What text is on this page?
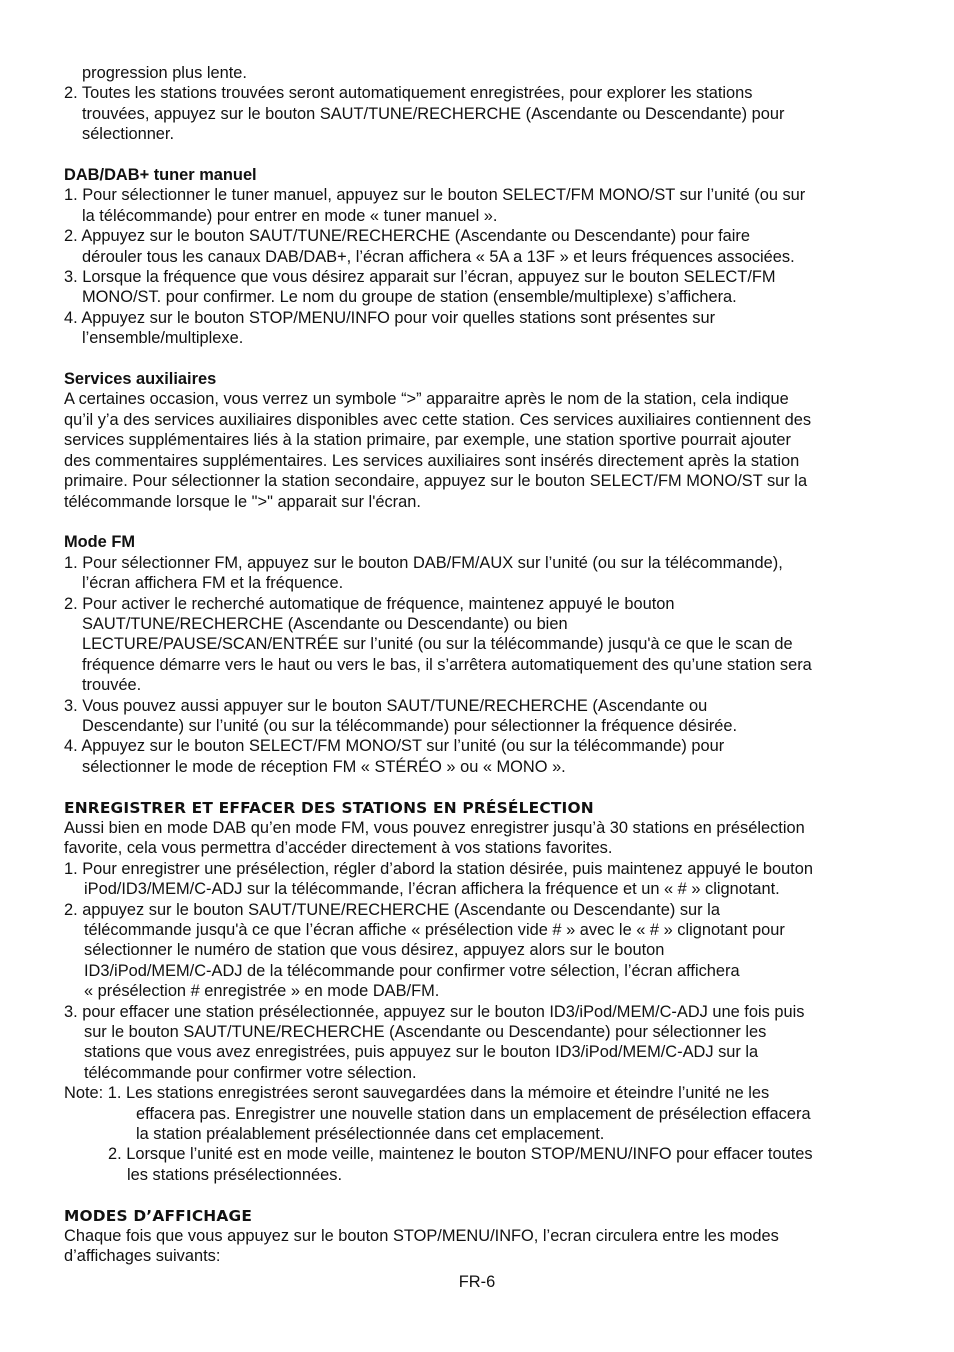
progression plus lente.

2. Toutes les stations trouvées seront automatiquement enregistrées, pour explorer les stations

trouvées, appuyez sur le bouton SAUT/TUNE/RECHERCHE (Ascendante ou Descendante) pour

sélectionner.

DAB/DAB+ tuner manuel

1. Pour sélectionner le tuner manuel, appuyez sur le bouton SELECT/FM MONO/ST sur l’unité (ou sur

la télécommande) pour entrer en mode « tuner manuel ».

2. Appuyez sur le bouton SAUT/TUNE/RECHERCHE (Ascendante ou Descendante) pour faire

dérouler tous les canaux DAB/DAB+, l’écran affichera « 5A a 13F » et leurs fréquences associées.

3. Lorsque la fréquence que vous désirez apparait sur l’écran, appuyez sur le bouton SELECT/FM

MONO/ST. pour confirmer. Le nom du groupe de station (ensemble/multiplexe) s’affichera.

4. Appuyez sur le bouton STOP/MENU/INFO pour voir quelles stations sont présentes sur

l’ensemble/multiplexe.

Services auxiliaires

A certaines occasion, vous verrez un symbole “>” apparaitre après le nom de la station, cela indique

qu’il y’a des services auxiliaires disponibles avec cette station. Ces services auxiliaires contiennent des

services supplémentaires liés à la station primaire, par exemple, une station sportive pourrait ajouter

des commentaires supplémentaires. Les services auxiliaires sont insérés directement après la station

primaire. Pour sélectionner la station secondaire, appuyez sur le bouton SELECT/FM MONO/ST sur la

télécommande lorsque le ">" apparait sur l'écran.

Mode FM

1. Pour sélectionner FM, appuyez sur le bouton DAB/FM/AUX sur l’unité (ou sur la télécommande),

l’écran affichera FM et la fréquence.

2. Pour activer le recherché automatique de fréquence, maintenez appuyé le bouton

SAUT/TUNE/RECHERCHE (Ascendante ou Descendante) ou bien

LECTURE/PAUSE/SCAN/ENTRÉE sur l’unité (ou sur la télécommande) jusqu'à ce que le scan de

fréquence démarre vers le haut ou vers le bas, il s’arrêtera automatiquement des qu’une station sera

trouvée.

3. Vous pouvez aussi appuyer sur le bouton SAUT/TUNE/RECHERCHE (Ascendante ou

Descendante) sur l’unité (ou sur la télécommande) pour sélectionner la fréquence désirée.

4. Appuyez sur le bouton SELECT/FM MONO/ST sur l’unité (ou sur la télécommande) pour

sélectionner le mode de réception FM « STÉRÉO » ou « MONO ».

ENREGISTRER ET EFFACER DES STATIONS EN PRÉSÉLECTION

Aussi bien en mode DAB qu’en mode FM, vous pouvez enregistrer jusqu’à 30 stations en présélection

favorite, cela vous permettra d’accéder directement à vos stations favorites.

1. Pour enregistrer une présélection, régler d’abord la station désirée, puis maintenez appuyé le bouton

iPod/ID3/MEM/C-ADJ sur la télécommande, l’écran affichera la fréquence et un « # » clignotant.

2. appuyez sur le bouton SAUT/TUNE/RECHERCHE (Ascendante ou Descendante) sur la

télécommande jusqu'à ce que l’écran affiche « présélection vide # » avec le « # » clignotant pour

sélectionner le numéro de station que vous désirez, appuyez alors sur le bouton

ID3/iPod/MEM/C-ADJ de la télécommande pour confirmer votre sélection, l’écran affichera

« présélection # enregistrée » en mode DAB/FM.

3. pour effacer une station présélectionnée, appuyez sur le bouton ID3/iPod/MEM/C-ADJ une fois puis

sur le bouton SAUT/TUNE/RECHERCHE (Ascendante ou Descendante) pour sélectionner les

stations que vous avez enregistrées, puis appuyez sur le bouton ID3/iPod/MEM/C-ADJ sur la

télécommande pour confirmer votre sélection.

Note: 1. Les stations enregistrées seront sauvegardées dans la mémoire et éteindre l’unité ne les

effacera pas. Enregistrer une nouvelle station dans un emplacement de présélection effacera

la station préalablement présélectionnée dans cet emplacement.

2. Lorsque l’unité est en mode veille, maintenez le bouton STOP/MENU/INFO pour effacer toutes

les stations présélectionnées.

MODES D’AFFICHAGE

Chaque fois que vous appuyez sur le bouton STOP/MENU/INFO, l’ecran circulera entre les modes

d’affichages suivants:

FR-6
